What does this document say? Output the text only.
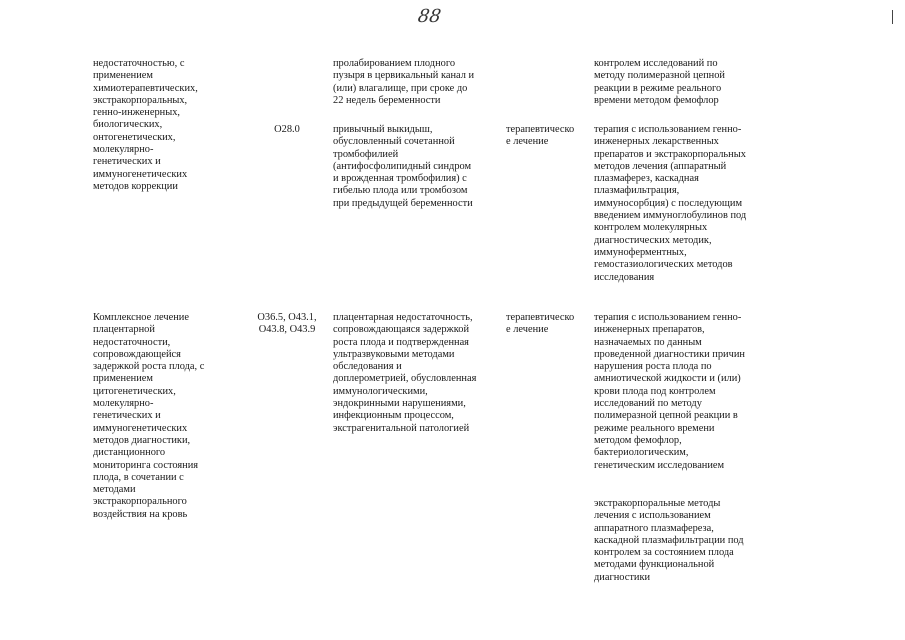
88
недостаточностью, с
применением
химиотерапевтических,
экстракорпоральных,
генно-инженерных,
биологических,
онтогенетических,
молекулярно-
генетических и
иммуногенетических
методов коррекции
пролабированием плодного
пузыря в цервикальный канал и
(или) влагалище, при сроке до
22 недель беременности
контролем исследований по
методу полимеразной цепной
реакции в режиме реального
времени методом фемофлор
O28.0	привычный выкидыш,
обусловленный сочетанной
тромбофилией
(антифосфолипидный синдром
и врожденная тромбофилия) с
гибелью плода или тромбозом
при предыдущей беременности
терапевтическо
е лечение
терапия с использованием генно-
инженерных лекарственных
препаратов и экстракорпоральных
методов лечения (аппаратный
плазмаферез, каскадная
плазмафильтрация,
иммуносорбция) с последующим
введением иммуноглобулинов под
контролем молекулярных
диагностических методик,
иммуноферментных,
гемостазиологических методов
исследования
Комплексное лечение
плацентарной
недостаточности,
сопровождающейся
задержкой роста плода, с
применением
цитогенетических,
молекулярно-
генетических и
иммуногенетических
методов диагностики,
дистанционного
мониторинга состояния
плода, в сочетании с
методами
экстракорпорального
воздействия на кровь
O36.5, O43.1,
O43.8, O43.9
плацентарная недостаточность,
сопровождающаяся задержкой
роста плода и подтвержденная
ультразвуковыми методами
обследования и
доплерометрией, обусловленная
иммунологическими,
эндокринными нарушениями,
инфекционным процессом,
экстрагенитальной патологией
терапевтическо
е лечение
терапия с использованием генно-
инженерных препаратов,
назначаемых по данным
проведенной диагностики причин
нарушения роста плода по
амниотической жидкости и (или)
крови плода под контролем
исследований по методу
полимеразной цепной реакции в
режиме реального времени
методом фемофлор,
бактериологическим,
генетическим исследованием
экстракорпоральные методы
лечения с использованием
аппаратного плазмафереза,
каскадной плазмафильтрации под
контролем за состоянием плода
методами функциональной
диагностики
